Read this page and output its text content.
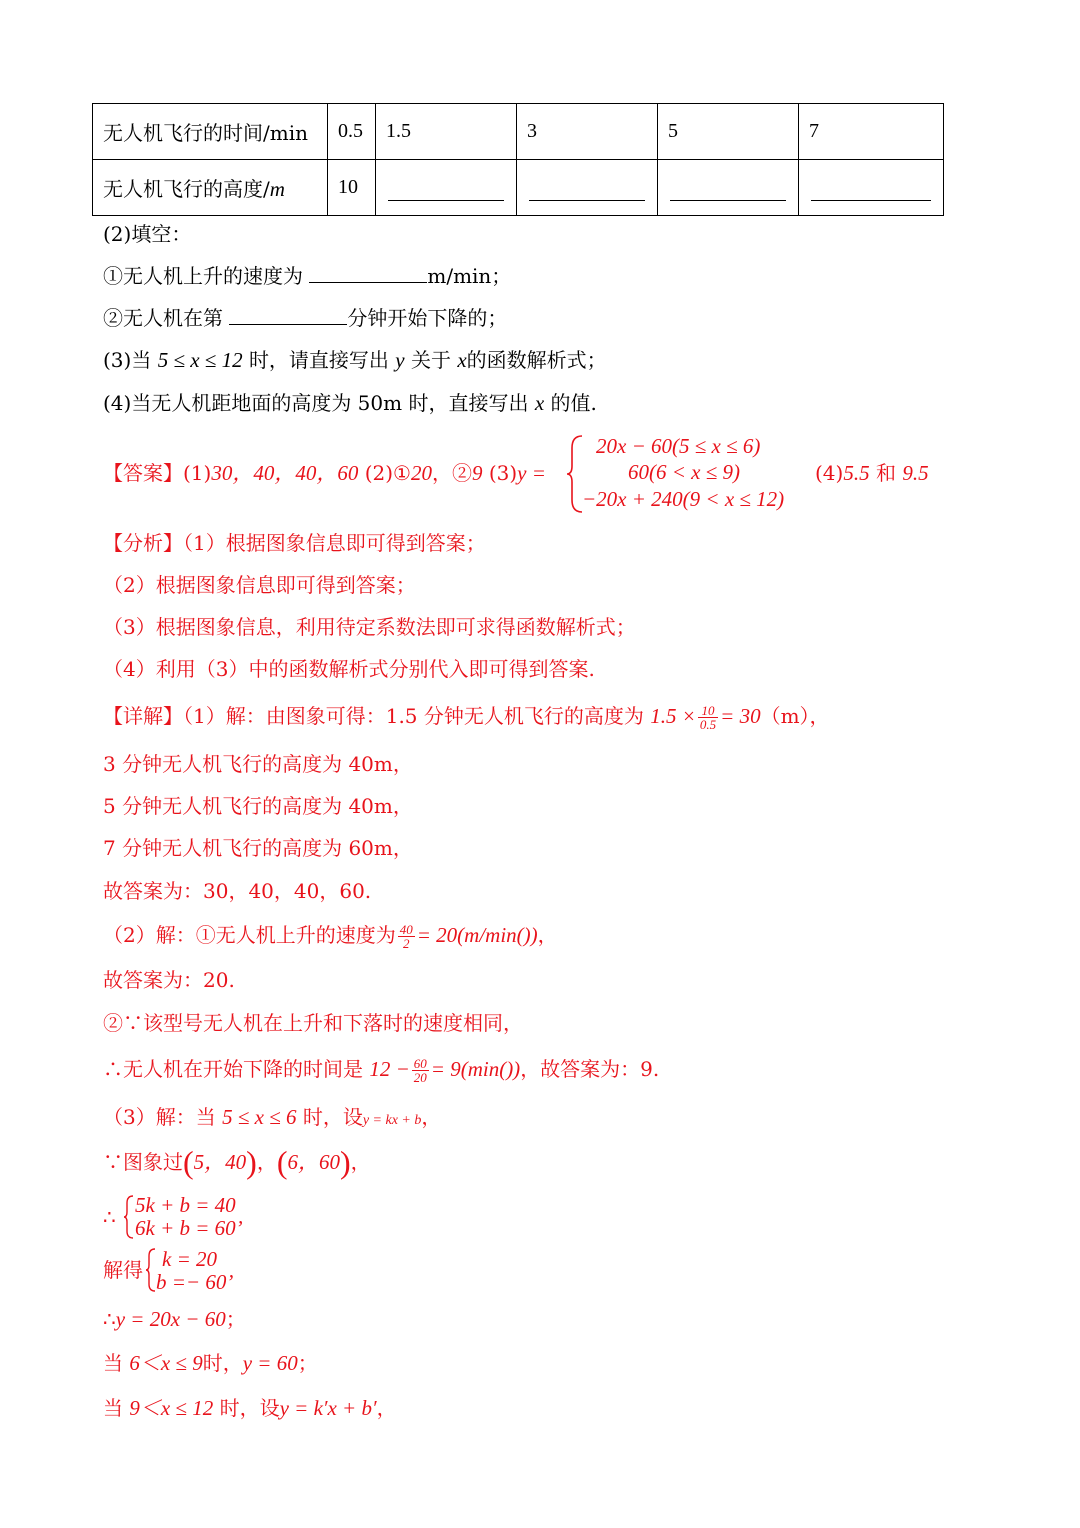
无人机飞行的时间/min	0.5	1.5	3	5	7
无人机飞行的高度/m	10	

(2)填空：
①无人机上升的速度为	m/min；
②无人机在第	分钟开始下降的；
(3)当 5 ≤ x ≤ 12 时，请直接写出 y 关于 x的函数解析式；
(4)当无人机距地面的高度为 50m 时，直接写出 x 的值.
【答案】(1)30，40，40，60 (2)①20，②9 (3)y =
20x − 60(5 ≤ x ≤ 6)
60(6 < x ≤ 9)
−20x + 240(9 < x ≤ 12)
(4)5.5 和 9.5
【分析】（1）根据图象信息即可得到答案；
（2）根据图象信息即可得到答案；
（3）根据图象信息，利用待定系数法即可求得函数解析式；
（4）利用（3）中的函数解析式分别代入即可得到答案.
【详解】（1）解：由图象可得：1.5 分钟无人机飞行的高度为 $1.5 \times \frac{10}{0.5} = 30(m)$，
3 分钟无人机飞行的高度为 40m，
5 分钟无人机飞行的高度为 40m，
7 分钟无人机飞行的高度为 60m，
故答案为：30，40，40，60.
（2）解：①无人机上升的速度为 $\frac{40}{2} = 20(m/\min())$，
故答案为：20.
②∵该型号无人机在上升和下落时的速度相同，
∴无人机在开始下降的时间是 $12 - \frac{60}{20} = 9(\min())$，故答案为：9.
（3）解：当 5 ≤ x ≤ 6 时，设y = kx + b，
∵图象过(5，40)，(6，60)，
∴ 5k + b = 40
6k + b = 60’
解得 k = 20
b =− 60’
∴y = 20x − 60；
当 6＜x ≤ 9时，y = 60；
当 9＜x ≤ 12 时，设y = k′x + b′，
